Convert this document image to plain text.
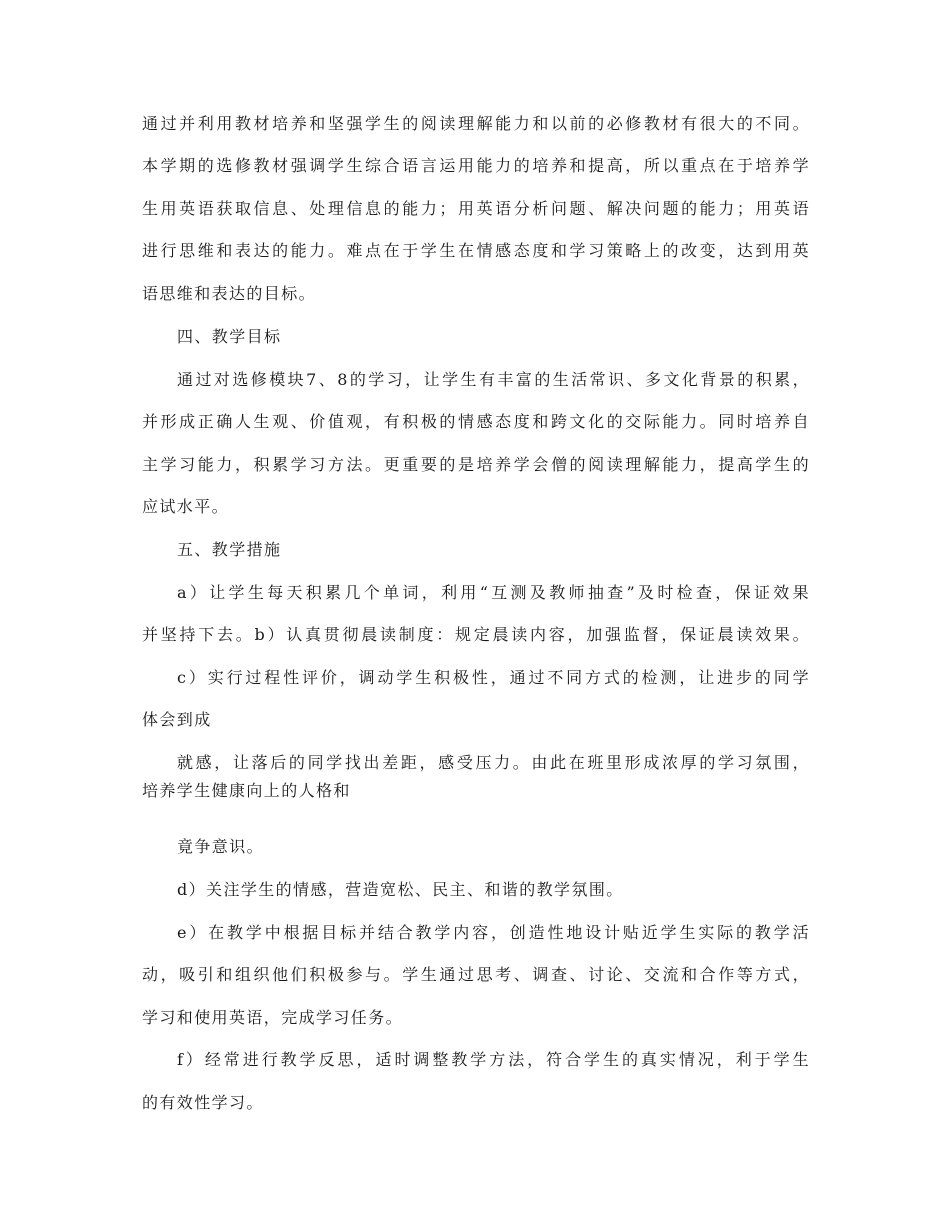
通过并利用教材培养和坚强学生的阅读理解能力和以前的必修教材有很大的不同。
本学期的选修教材强调学生综合语言运用能力的培养和提高，所以重点在于培养学
生用英语获取信息、处理信息的能力；用英语分析问题、解决问题的能力；用英语
进行思维和表达的能力。难点在于学生在情感态度和学习策略上的改变，达到用英
语思维和表达的目标。
四、教学目标
通过对选修模块7、8的学习，让学生有丰富的生活常识、多文化背景的积累，
并形成正确人生观、价值观，有积极的情感态度和跨文化的交际能力。同时培养自
主学习能力，积累学习方法。更重要的是培养学会僧的阅读理解能力，提高学生的
应试水平。
五、教学措施
a）让学生每天积累几个单词，利用“互测及教师抽查”及时检查，保证效果
并坚持下去。b）认真贯彻晨读制度：规定晨读内容，加强监督，保证晨读效果。
c）实行过程性评价，调动学生积极性，通过不同方式的检测，让进步的同学
体会到成
就感，让落后的同学找出差距，感受压力。由此在班里形成浓厚的学习氛围，
培养学生健康向上的人格和
竟争意识。
d）关注学生的情感，营造宽松、民主、和谐的教学氛围。
e）在教学中根据目标并结合教学内容，创造性地设计贴近学生实际的教学活
动，吸引和组织他们积极参与。学生通过思考、调查、讨论、交流和合作等方式，
学习和使用英语，完成学习任务。
f）经常进行教学反思，适时调整教学方法，符合学生的真实情况，利于学生
的有效性学习。
